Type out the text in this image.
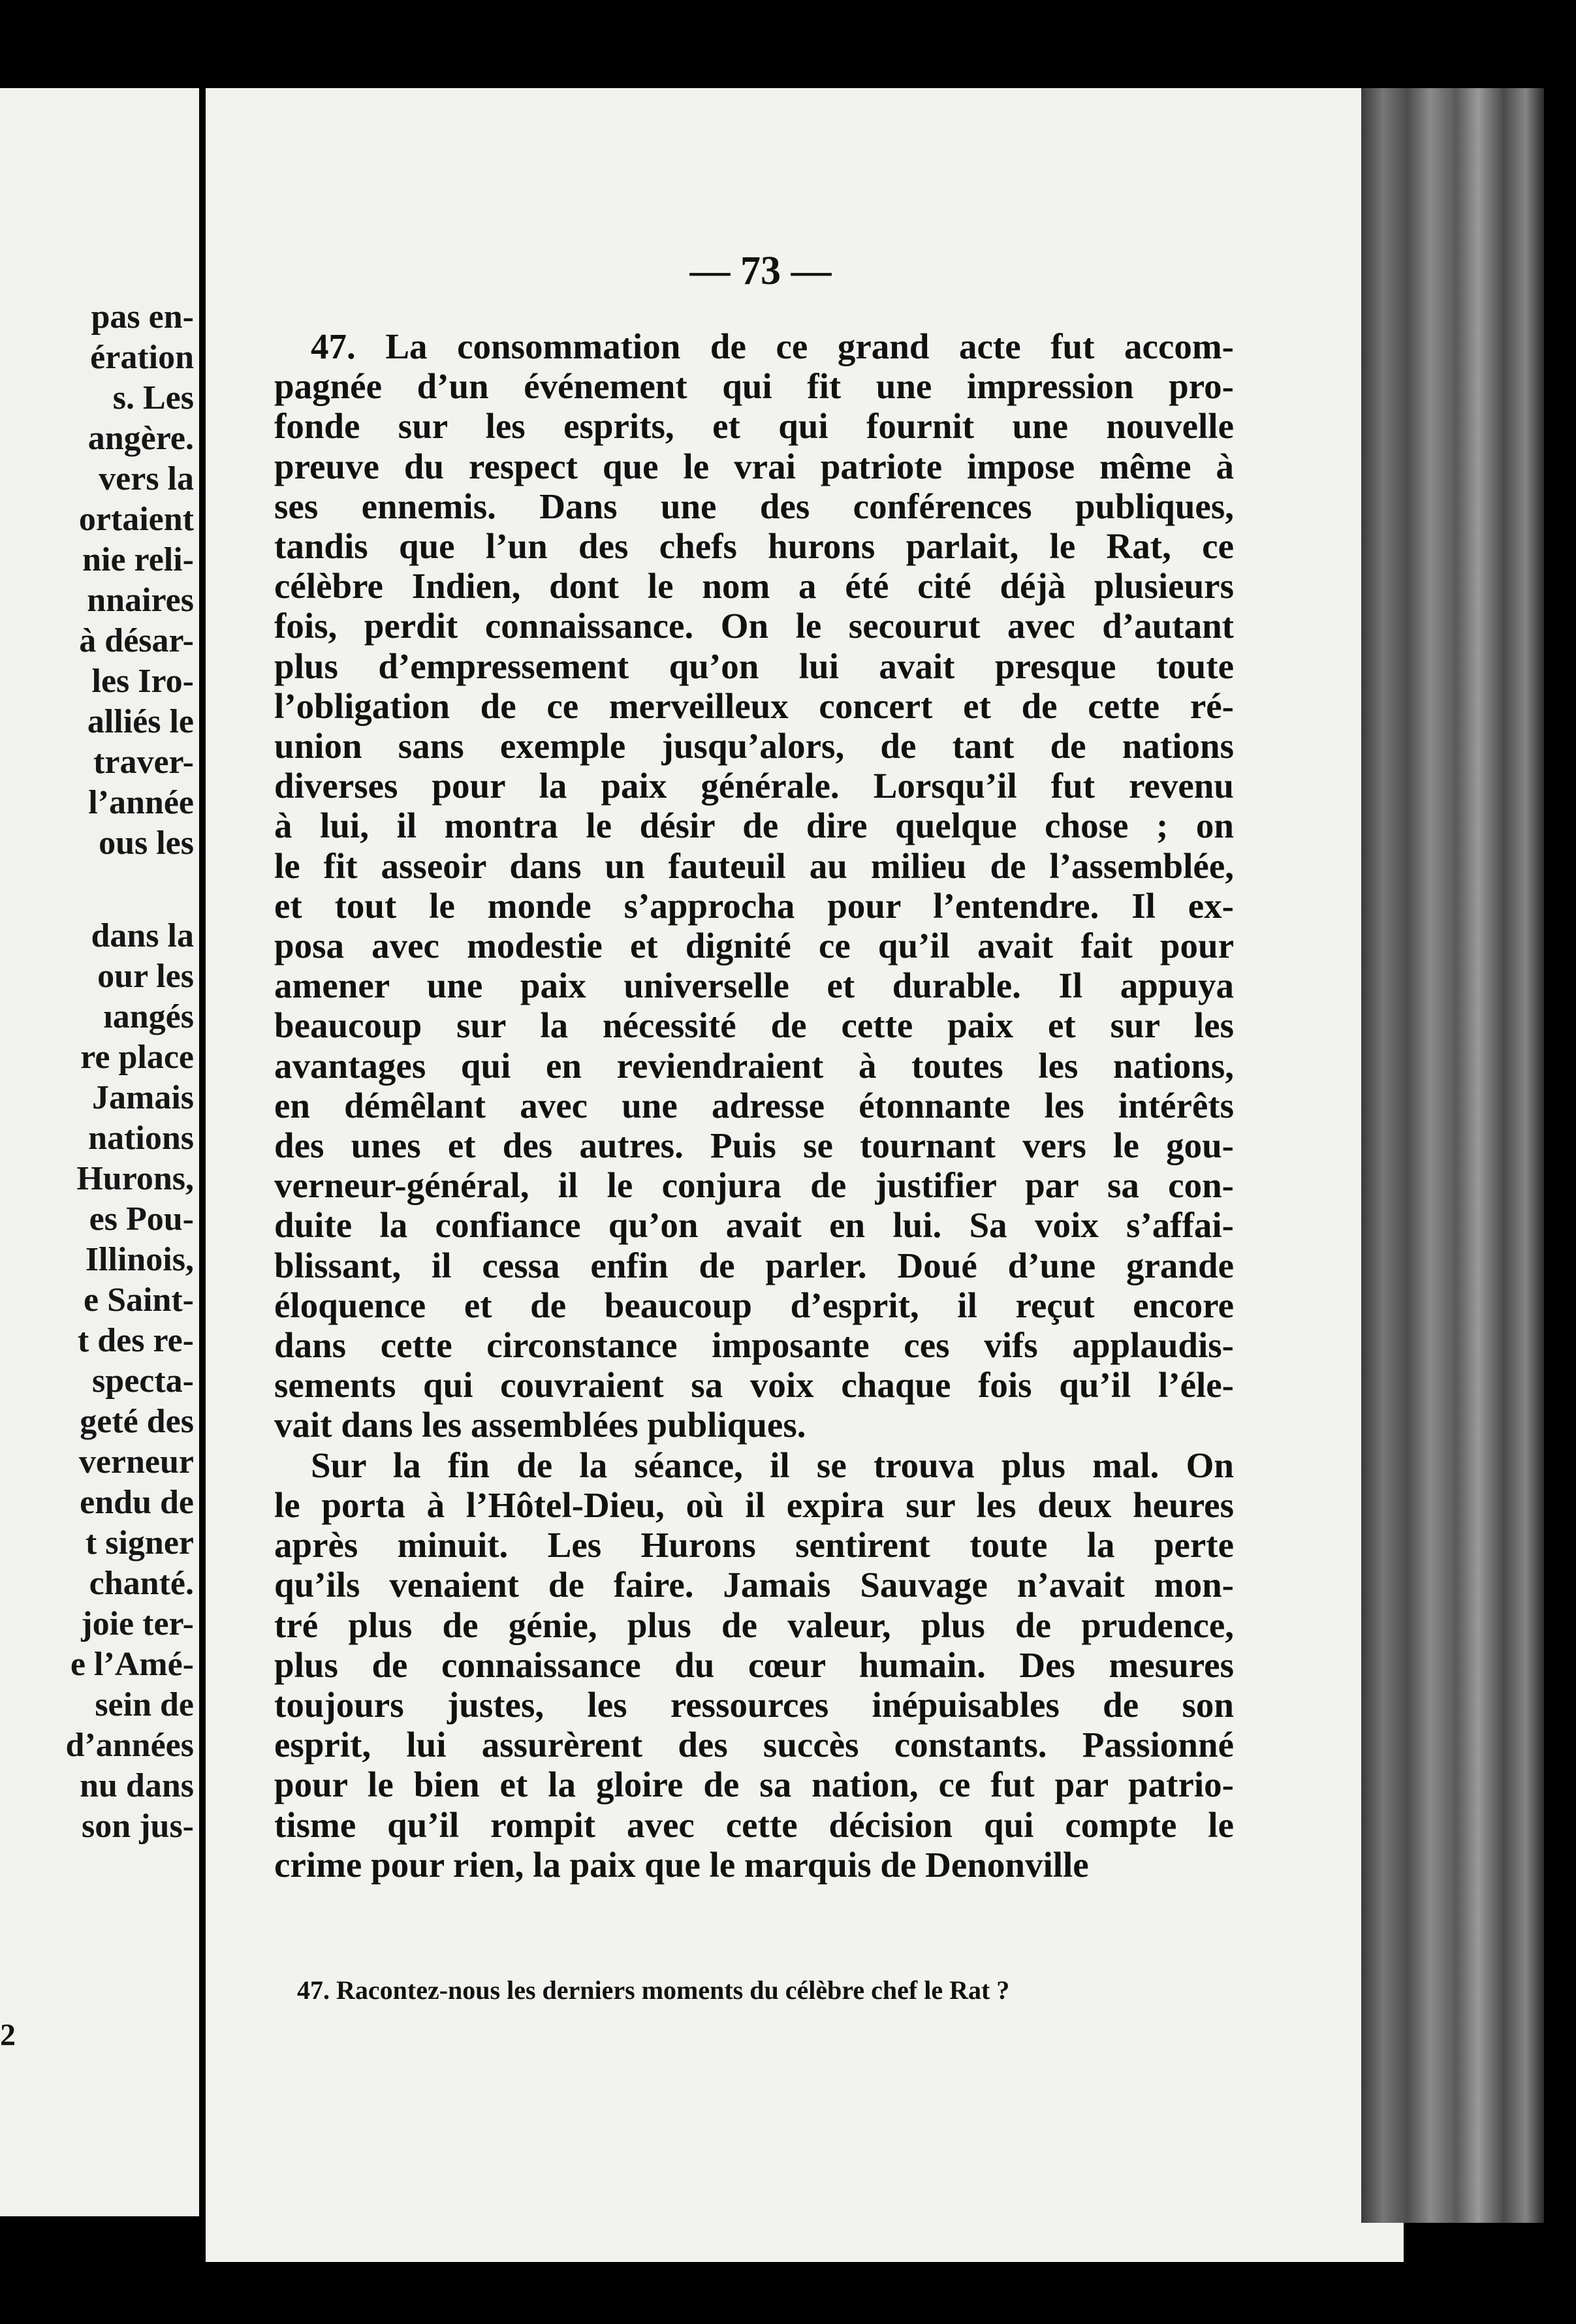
pas en-

ération

s. Les

angère.

vers la

ortaient

nie reli-

nnaires

à désar-

les Iro-

alliés le

traver-

l’année

ous les

dans la

our les

ıangés

re place

Jamais

nations

Hurons,

es Pou-

Illinois,

e Saint-

t des re-

specta-

geté des

verneur

endu de

t signer

chanté.

joie ter-

e l’Amé-

sein de

d’années

nu dans

son jus-

2

— 73 —

47. La consommation de ce grand acte fut accom-
pagnée d’un événement qui fit une impression pro-
fonde sur les esprits, et qui fournit une nouvelle
preuve du respect que le vrai patriote impose même à
ses ennemis. Dans une des conférences publiques,
tandis que l’un des chefs hurons parlait, le Rat, ce
célèbre Indien, dont le nom a été cité déjà plusieurs
fois, perdit connaissance. On le secourut avec d’autant
plus d’empressement qu’on lui avait presque toute
l’obligation de ce merveilleux concert et de cette ré-
union sans exemple jusqu’alors, de tant de nations
diverses pour la paix générale. Lorsqu’il fut revenu
à lui, il montra le désir de dire quelque chose ; on
le fit asseoir dans un fauteuil au milieu de l’assemblée,
et tout le monde s’approcha pour l’entendre. Il ex-
posa avec modestie et dignité ce qu’il avait fait pour
amener une paix universelle et durable. Il appuya
beaucoup sur la nécessité de cette paix et sur les
avantages qui en reviendraient à toutes les nations,
en démêlant avec une adresse étonnante les intérêts
des unes et des autres. Puis se tournant vers le gou-
verneur-général, il le conjura de justifier par sa con-
duite la confiance qu’on avait en lui. Sa voix s’affai-
blissant, il cessa enfin de parler. Doué d’une grande
éloquence et de beaucoup d’esprit, il reçut encore
dans cette circonstance imposante ces vifs applaudis-
sements qui couvraient sa voix chaque fois qu’il l’éle-
vait dans les assemblées publiques.
Sur la fin de la séance, il se trouva plus mal. On
le porta à l’Hôtel-Dieu, où il expira sur les deux heures
après minuit. Les Hurons sentirent toute la perte
qu’ils venaient de faire. Jamais Sauvage n’avait mon-
tré plus de génie, plus de valeur, plus de prudence,
plus de connaissance du cœur humain. Des mesures
toujours justes, les ressources inépuisables de son
esprit, lui assurèrent des succès constants. Passionné
pour le bien et la gloire de sa nation, ce fut par patrio-
tisme qu’il rompit avec cette décision qui compte le
crime pour rien, la paix que le marquis de Denonville

47. Racontez-nous les derniers moments du célèbre chef le Rat ?
